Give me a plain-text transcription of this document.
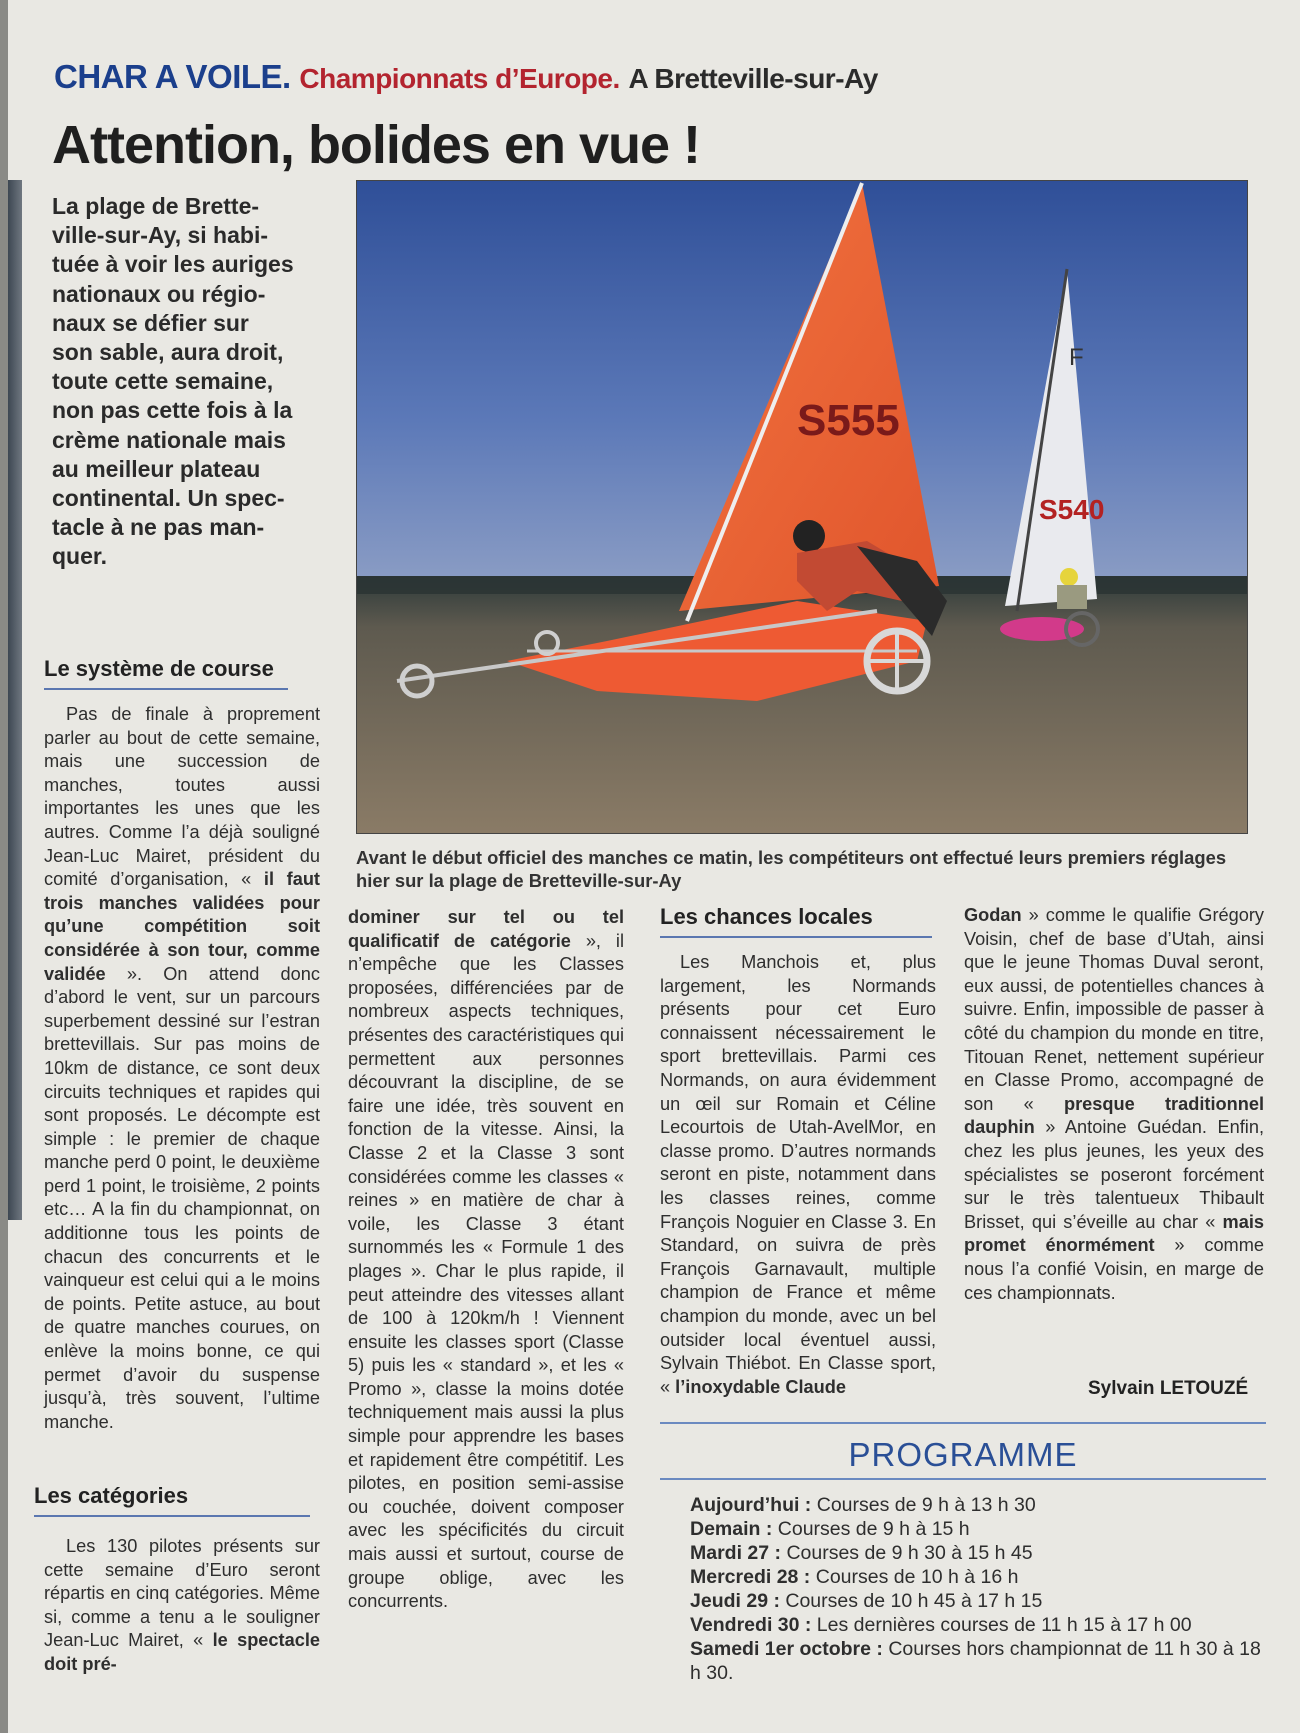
CHAR A VOILE. Championnats d’Europe. A Bretteville-sur-Ay
Attention, bolides en vue !
La plage de Brette-
ville-sur-Ay, si habi-
tuée à voir les auriges
nationaux ou régio-
naux se défier sur
son sable, aura droit,
toute cette semaine,
non pas cette fois à la
crème nationale mais
au meilleur plateau
continental. Un spec-
tacle à ne pas man-
quer.
F
S540
S555
Avant le début officiel des manches ce matin, les compétiteurs ont effectué leurs premiers réglages hier sur la plage de Bretteville-sur-Ay
Le système de course

Pas de finale à proprement parler au bout de cette semaine, mais une succession de manches, toutes aussi importantes les unes que les autres. Comme l’a déjà souligné Jean-Luc Mairet, président du comité d’organisation, « il faut trois manches validées pour qu’une compétition soit considérée à son tour, comme validée ». On attend donc d’abord le vent, sur un parcours superbement dessiné sur l’estran brettevillais. Sur pas moins de 10km de distance, ce sont deux circuits techniques et rapides qui sont proposés. Le décompte est simple : le premier de chaque manche perd 0 point, le deuxième perd 1 point, le troisième, 2 points etc… A la fin du championnat, on additionne tous les points de chacun des concurrents et le vainqueur est celui qui a le moins de points. Petite astuce, au bout de quatre manches courues, on enlève la moins bonne, ce qui permet d’avoir du suspense jusqu’à, très souvent, l’ultime manche.

Les catégories

Les 130 pilotes présents sur cette semaine d’Euro seront répartis en cinq catégories. Même si, comme a tenu a le souligner Jean-Luc Mairet, « le spectacle doit pré-

dominer sur tel ou tel qualificatif de catégorie », il n’empêche que les Classes proposées, différenciées par de nombreux aspects techniques, présentes des caractéristiques qui permettent aux personnes découvrant la discipline, de se faire une idée, très souvent en fonction de la vitesse. Ainsi, la Classe 2 et la Classe 3 sont considérées comme les classes « reines » en matière de char à voile, les Classe 3 étant surnommés les « Formule 1 des plages ». Char le plus rapide, il peut atteindre des vitesses allant de 100 à 120km/h ! Viennent ensuite les classes sport (Classe 5) puis les « standard », et les « Promo », classe la moins dotée techniquement mais aussi la plus simple pour apprendre les bases et rapidement être compétitif. Les pilotes, en position semi-assise ou couchée, doivent composer avec les spécificités du circuit mais aussi et surtout, course de groupe oblige, avec les concurrents.

Les chances locales

Les Manchois et, plus largement, les Normands présents pour cet Euro connaissent nécessairement le sport brettevillais. Parmi ces Normands, on aura évidemment un œil sur Romain et Céline Lecourtois de Utah-AvelMor, en classe promo. D’autres normands seront en piste, notamment dans les classes reines, comme François Noguier en Classe 3. En Standard, on suivra de près François Garnavault, multiple champion de France et même champion du monde, avec un bel outsider local éventuel aussi, Sylvain Thiébot. En Classe sport, « l’inoxydable Claude

Godan » comme le qualifie Grégory Voisin, chef de base d’Utah, ainsi que le jeune Thomas Duval seront, eux aussi, de potentielles chances à suivre. Enfin, impossible de passer à côté du champion du monde en titre, Titouan Renet, nettement supérieur en Classe Promo, accompagné de son « presque traditionnel dauphin » Antoine Guédan. Enfin, chez les plus jeunes, les yeux des spécialistes se poseront forcément sur le très talentueux Thibault Brisset, qui s’éveille au char « mais promet énormément » comme nous l’a confié Voisin, en marge de ces championnats.

Sylvain LETOUZÉ
PROGRAMME
Aujourd’hui : Courses de 9 h à 13 h 30
Demain : Courses de 9 h à 15 h
Mardi 27 : Courses de 9 h 30 à 15 h 45
Mercredi 28 : Courses de 10 h à 16 h
Jeudi 29 : Courses de 10 h 45 à 17 h 15
Vendredi 30 : Les dernières courses de 11 h 15 à 17 h 00
Samedi 1er octobre : Courses hors championnat de 11 h 30 à 18 h 30.
